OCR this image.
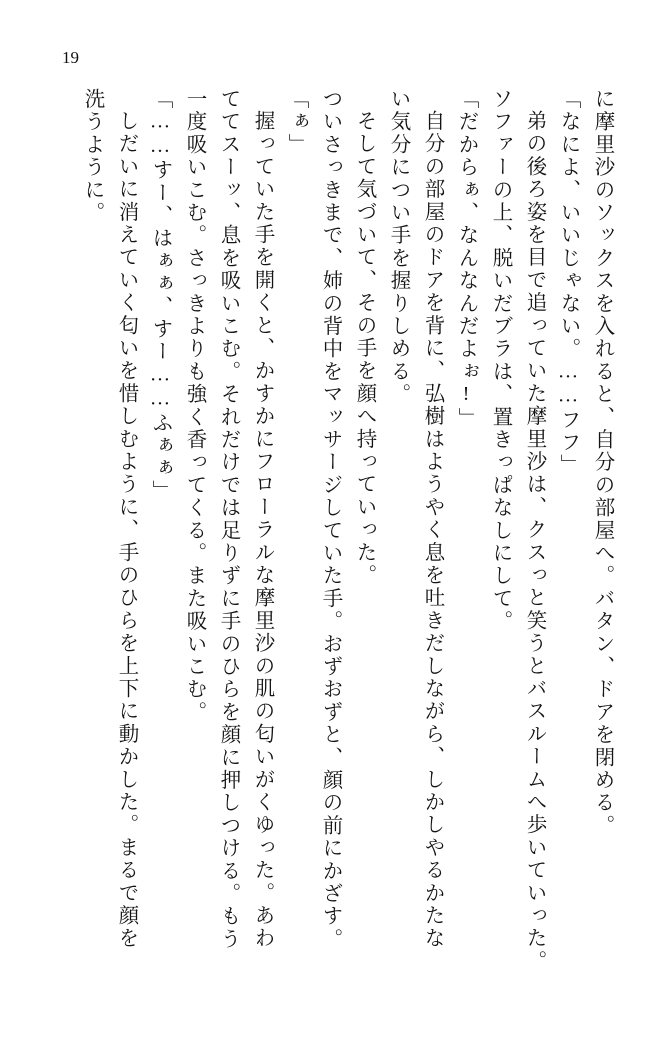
19
に摩里沙のソックスを入れると、自分の部屋へ。バタン、ドアを閉める。
「なによ、いいじゃない。……フフ」
弟の後ろ姿を目で追っていた摩里沙は、クスっと笑うとバスルームへ歩いていった。
ソファーの上、脱いだブラは、置きっぱなしにして。
「だからぁ、なんなんだよぉ!」
自分の部屋のドアを背に、弘樹はようやく息を吐きだしながら、しかしやるかたな
い気分につい手を握りしめる。
そして気づいて、その手を顔へ持っていった。
ついさっきまで、姉の背中をマッサージしていた手。おずおずと、顔の前にかざす。
「ぁ」
握っていた手を開くと、かすかにフローラルな摩里沙の肌の匂いがくゆった。あわ
ててスーッ、息を吸いこむ。それだけでは足りずに手のひらを顔に押しつける。もう
一度吸いこむ。さっきよりも強く香ってくる。また吸いこむ。
「……すー、はぁぁ、すー……ふぁぁ」
しだいに消えていく匂いを惜しむように、手のひらを上下に動かした。まるで顔を
洗うように。
